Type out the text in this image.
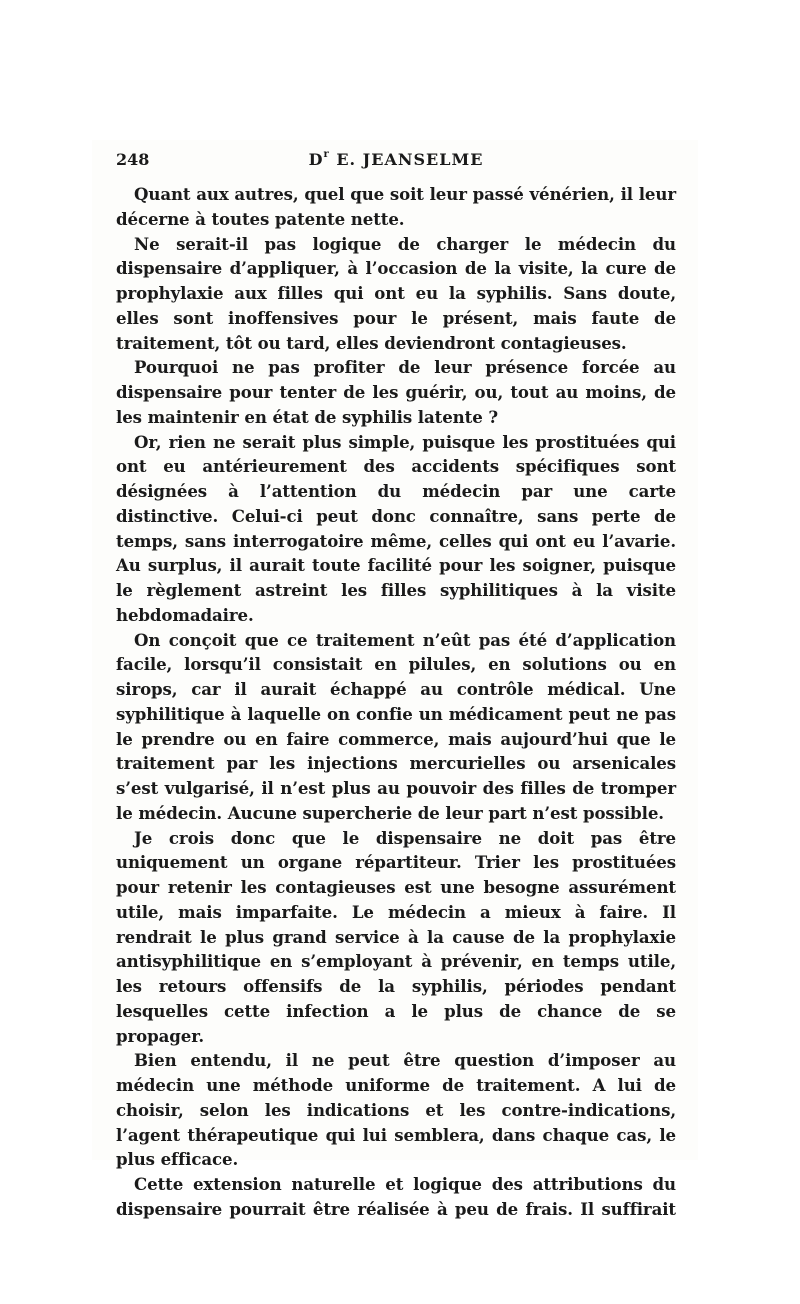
248	$D^r$ E. JEANSELME

Quant aux autres, quel que soit leur passé vénérien, il leur décerne à toutes patente nette.

Ne serait-il pas logique de charger le médecin du dispensaire d’appliquer, à l’occasion de la visite, la cure de prophylaxie aux filles qui ont eu la syphilis. Sans doute, elles sont inoffensives pour le présent, mais faute de traitement, tôt ou tard, elles deviendront contagieuses.

Pourquoi ne pas profiter de leur présence forcée au dispensaire pour tenter de les guérir, ou, tout au moins, de les maintenir en état de syphilis latente ?

Or, rien ne serait plus simple, puisque les prostituées qui ont eu antérieurement des accidents spécifiques sont désignées à l’attention du médecin par une carte distinctive. Celui-ci peut donc connaître, sans perte de temps, sans interrogatoire même, celles qui ont eu l’avarie. Au surplus, il aurait toute facilité pour les soigner, puisque le règlement astreint les filles syphilitiques à la visite hebdomadaire.

On conçoit que ce traitement n’eût pas été d’application facile, lorsqu’il consistait en pilules, en solutions ou en sirops, car il aurait échappé au contrôle médical. Une syphilitique à laquelle on confie un médicament peut ne pas le prendre ou en faire commerce, mais aujourd’hui que le traitement par les injections mercurielles ou arsenicales s’est vulgarisé, il n’est plus au pouvoir des filles de tromper le médecin. Aucune supercherie de leur part n’est possible.

Je crois donc que le dispensaire ne doit pas être uniquement un organe répartiteur. Trier les prostituées pour retenir les contagieuses est une besogne assurément utile, mais imparfaite. Le médecin a mieux à faire. Il rendrait le plus grand service à la cause de la prophylaxie antisyphilitique en s’employant à prévenir, en temps utile, les retours offensifs de la syphilis, périodes pendant lesquelles cette infection a le plus de chance de se propager.

Bien entendu, il ne peut être question d’imposer au médecin une méthode uniforme de traitement. A lui de choisir, selon les indications et les contre-indications, l’agent thérapeutique qui lui semblera, dans chaque cas, le plus efficace.

Cette extension naturelle et logique des attributions du dispensaire pourrait être réalisée à peu de frais. Il suffirait
